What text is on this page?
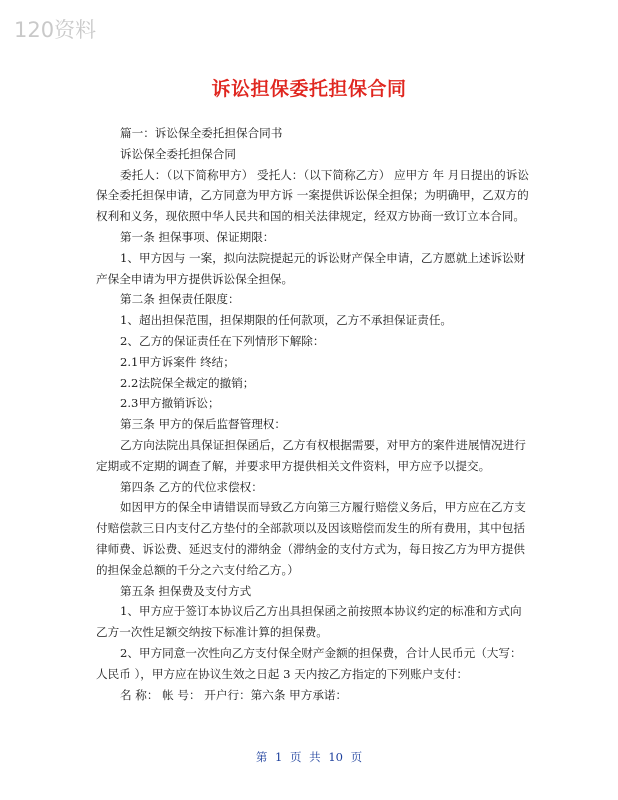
120资料
诉讼担保委托担保合同

篇一：诉讼保全委托担保合同书

诉讼保全委托担保合同

委托人：（以下简称甲方） 受托人：（以下简称乙方） 应甲方 年 月日提出的诉讼保全委托担保申请，乙方同意为甲方诉 一案提供诉讼保全担保；为明确甲，乙双方的权利和义务，现依照中华人民共和国的相关法律规定，经双方协商一致订立本合同。

第一条 担保事项、保证期限：

1、甲方因与 一案，拟向法院提起元的诉讼财产保全申请，乙方愿就上述诉讼财产保全申请为甲方提供诉讼保全担保。

第二条 担保责任限度：

1、超出担保范围，担保期限的任何款项，乙方不承担保证责任。

2、乙方的保证责任在下列情形下解除：

2.1甲方诉案件 终结；

2.2法院保全裁定的撤销；

2.3甲方撤销诉讼；

第三条 甲方的保后监督管理权：

乙方向法院出具保证担保函后，乙方有权根据需要，对甲方的案件进展情况进行定期或不定期的调查了解，并要求甲方提供相关文件资料，甲方应予以提交。

第四条 乙方的代位求偿权：

如因甲方的保全申请错误而导致乙方向第三方履行赔偿义务后，甲方应在乙方支付赔偿款三日内支付乙方垫付的全部款项以及因该赔偿而发生的所有费用，其中包括律师费、诉讼费、延迟支付的滞纳金（滞纳金的支付方式为，每日按乙方为甲方提供的担保金总额的千分之六支付给乙方。）

第五条 担保费及支付方式

1、甲方应于签订本协议后乙方出具担保函之前按照本协议约定的标准和方式向乙方一次性足额交纳按下标准计算的担保费。

2、甲方同意一次性向乙方支付保全财产金额的担保费，合计人民币元（大写：人民币 ），甲方应在协议生效之日起 3 天内按乙方指定的下列账户支付：

名 称： 帐 号： 开户行：第六条 甲方承诺：

第 1 页 共 10 页
